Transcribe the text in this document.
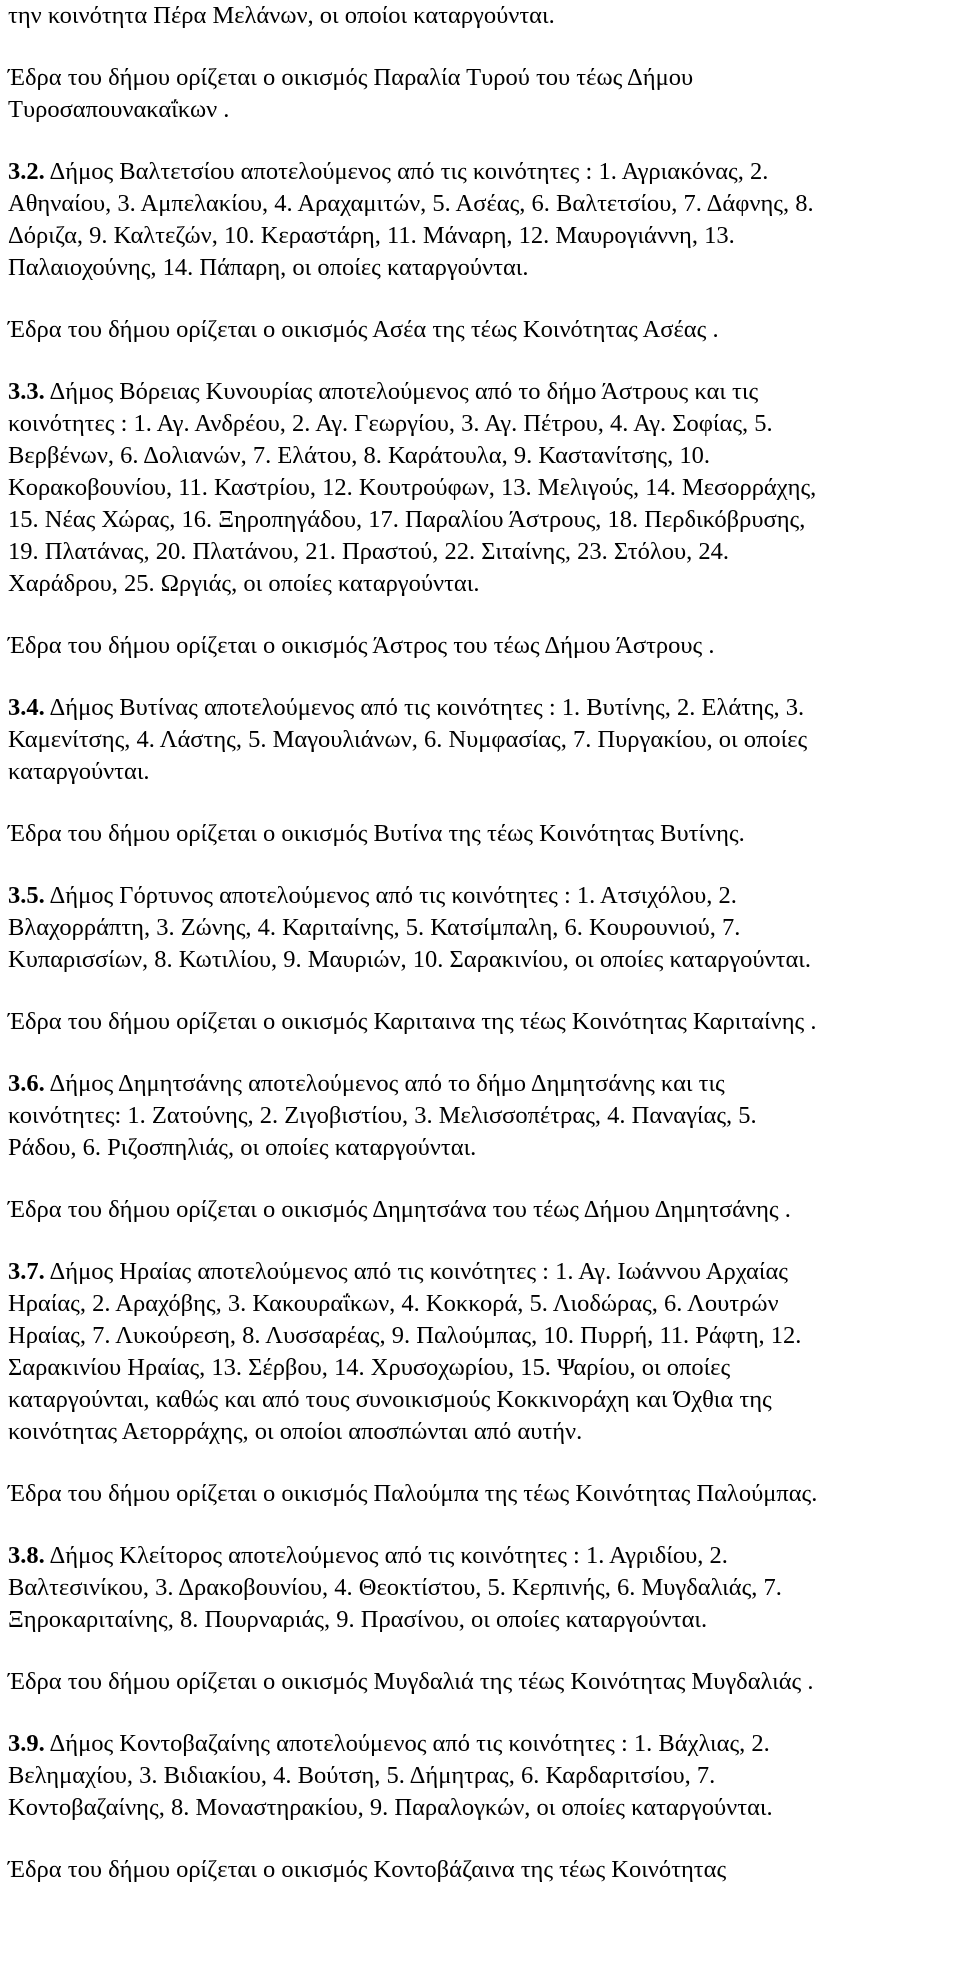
την κοινότητα Πέρα Μελάνων, οι οποίοι καταργούνται.
Έδρα του δήμου ορίζεται ο οικισμός Παραλία Τυρού του τέως Δήμου
Τυροσαπουνακαΐκων .
3.2. Δήμος Βαλτετσίου αποτελούμενος από τις κοινότητες : 1. Αγριακόνας, 2.
Αθηναίου, 3. Αμπελακίου, 4. Αραχαμιτών, 5. Ασέας, 6. Βαλτετσίου, 7. Δάφνης, 8.
Δόριζα, 9. Καλτεζών, 10. Κεραστάρη, 11. Μάναρη, 12. Μαυρογιάννη, 13.
Παλαιοχούνης, 14. Πάπαρη, οι οποίες καταργούνται.
Έδρα του δήμου ορίζεται ο οικισμός Ασέα της τέως Κοινότητας Ασέας .
3.3. Δήμος Βόρειας Κυνουρίας αποτελούμενος από το δήμο Άστρους και τις
κοινότητες : 1. Αγ. Ανδρέου, 2. Αγ. Γεωργίου, 3. Αγ. Πέτρου, 4. Αγ. Σοφίας, 5.
Βερβένων, 6. Δολιανών, 7. Ελάτου, 8. Καράτουλα, 9. Καστανίτσης, 10.
Κορακοβουνίου, 11. Καστρίου, 12. Κουτρούφων, 13. Μελιγούς, 14. Μεσορράχης,
15. Νέας Χώρας, 16. Ξηροπηγάδου, 17. Παραλίου Άστρους, 18. Περδικόβρυσης,
19. Πλατάνας, 20. Πλατάνου, 21. Πραστού, 22. Σιταίνης, 23. Στόλου, 24.
Χαράδρου, 25. Ωργιάς, οι οποίες καταργούνται.
Έδρα του δήμου ορίζεται ο οικισμός Άστρος του τέως Δήμου Άστρους .
3.4. Δήμος Βυτίνας αποτελούμενος από τις κοινότητες : 1. Βυτίνης, 2. Ελάτης, 3.
Καμενίτσης, 4. Λάστης, 5. Μαγουλιάνων, 6. Νυμφασίας, 7. Πυργακίου, οι οποίες
καταργούνται.
Έδρα του δήμου ορίζεται ο οικισμός Βυτίνα της τέως Κοινότητας Βυτίνης.
3.5. Δήμος Γόρτυνος αποτελούμενος από τις κοινότητες : 1. Ατσιχόλου, 2.
Βλαχορράπτη, 3. Ζώνης, 4. Καριταίνης, 5. Κατσίμπαλη, 6. Κουρουνιού, 7.
Κυπαρισσίων, 8. Κωτιλίου, 9. Μαυριών, 10. Σαρακινίου, οι οποίες καταργούνται.
Έδρα του δήμου ορίζεται ο οικισμός Καριταινα της τέως Κοινότητας Καριταίνης .
3.6. Δήμος Δημητσάνης αποτελούμενος από το δήμο Δημητσάνης και τις
κοινότητες: 1. Ζατούνης, 2. Ζιγοβιστίου, 3. Μελισσοπέτρας, 4. Παναγίας, 5.
Ράδου, 6. Ριζοσπηλιάς, οι οποίες καταργούνται.
Έδρα του δήμου ορίζεται ο οικισμός Δημητσάνα του τέως Δήμου Δημητσάνης .
3.7. Δήμος Ηραίας αποτελούμενος από τις κοινότητες : 1. Αγ. Ιωάννου Αρχαίας
Ηραίας, 2. Αραχόβης, 3. Κακουραΐκων, 4. Κοκκορά, 5. Λιοδώρας, 6. Λουτρών
Ηραίας, 7. Λυκούρεση, 8. Λυσσαρέας, 9. Παλούμπας, 10. Πυρρή, 11. Ράφτη, 12.
Σαρακινίου Ηραίας, 13. Σέρβου, 14. Χρυσοχωρίου, 15. Ψαρίου, οι οποίες
καταργούνται, καθώς και από τους συνοικισμούς Κοκκινοράχη και Όχθια της
κοινότητας Αετορράχης, οι οποίοι αποσπώνται από αυτήν.
Έδρα του δήμου ορίζεται ο οικισμός Παλούμπα της τέως Κοινότητας Παλούμπας.
3.8. Δήμος Κλείτορος αποτελούμενος από τις κοινότητες : 1. Αγριδίου, 2.
Βαλτεσινίκου, 3. Δρακοβουνίου, 4. Θεοκτίστου, 5. Κερπινής, 6. Μυγδαλιάς, 7.
Ξηροκαριταίνης, 8. Πουρναριάς, 9. Πρασίνου, οι οποίες καταργούνται.
Έδρα του δήμου ορίζεται ο οικισμός Μυγδαλιά της τέως Κοινότητας Μυγδαλιάς .
3.9. Δήμος Κοντοβαζαίνης αποτελούμενος από τις κοινότητες : 1. Βάχλιας, 2.
Βελημαχίου, 3. Βιδιακίου, 4. Βούτση, 5. Δήμητρας, 6. Καρδαριτσίου, 7.
Κοντοβαζαίνης, 8. Μοναστηρακίου, 9. Παραλογκών, οι οποίες καταργούνται.
Έδρα του δήμου ορίζεται ο οικισμός Κοντοβάζαινα της τέως Κοινότητας
